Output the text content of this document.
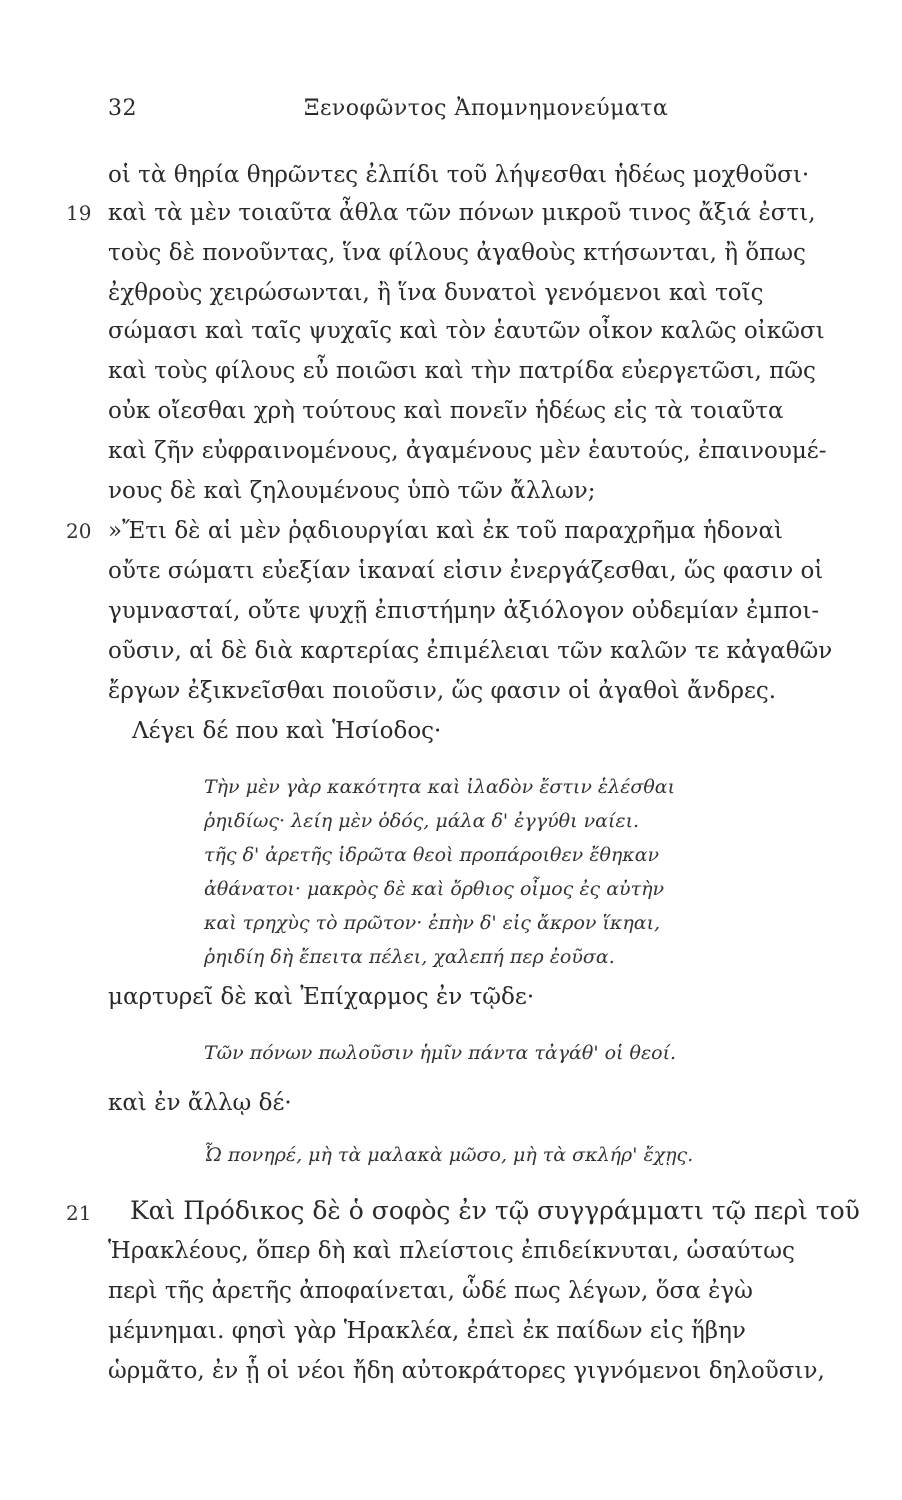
32	Ξενοφῶντος Ἀπομνημονεύματα
οἱ τὰ θηρία θηρῶντες ἐλπίδι τοῦ λήψεσθαι ἡδέως μοχθοῦσι·
19 καὶ τὰ μὲν τοιαῦτα ἆθλα τῶν πόνων μικροῦ τινος ἄξιά ἐστι,
τοὺς δὲ πονοῦντας, ἵνα φίλους ἀγαθοὺς κτήσωνται, ἢ ὅπως
ἐχθροὺς χειρώσωνται, ἢ ἵνα δυνατοὶ γενόμενοι καὶ τοῖς
σώμασι καὶ ταῖς ψυχαῖς καὶ τὸν ἑαυτῶν οἶκον καλῶς οἰκῶσι
καὶ τοὺς φίλους εὖ ποιῶσι καὶ τὴν πατρίδα εὐεργετῶσι, πῶς
οὐκ οἴεσθαι χρὴ τούτους καὶ πονεῖν ἡδέως εἰς τὰ τοιαῦτα
καὶ ζῆν εὐφραινομένους, ἀγαμένους μὲν ἑαυτούς, ἐπαινουμέ-
νους δὲ καὶ ζηλουμένους ὑπὸ τῶν ἄλλων;
20 »Ἔτι δὲ αἱ μὲν ῥᾳδιουργίαι καὶ ἐκ τοῦ παραχρῆμα ἡδοναὶ
οὔτε σώματι εὐεξίαν ἱκαναί εἰσιν ἐνεργάζεσθαι, ὥς φασιν οἱ
γυμνασταί, οὔτε ψυχῇ ἐπιστήμην ἀξιόλογον οὐδεμίαν ἐμποι-
οῦσιν, αἱ δὲ διὰ καρτερίας ἐπιμέλειαι τῶν καλῶν τε κἀγαθῶν
ἔργων ἐξικνεῖσθαι ποιοῦσιν, ὥς φασιν οἱ ἀγαθοὶ ἄνδρες.
Λέγει δέ που καὶ Ἡσίοδος·
Τὴν μὲν γὰρ κακότητα καὶ ἰλαδὸν ἔστιν ἑλέσθαι
ῥηιδίως· λείη μὲν ὁδός, μάλα δ' ἐγγύθι ναίει.
τῆς δ' ἀρετῆς ἱδρῶτα θεοὶ προπάροιθεν ἔθηκαν
ἀθάνατοι· μακρὸς δὲ καὶ ὄρθιος οἶμος ἐς αὐτὴν
καὶ τρηχὺς τὸ πρῶτον· ἐπὴν δ' εἰς ἄκρον ἵκηαι,
ῥηιδίη δὴ ἔπειτα πέλει, χαλεπή περ ἐοῦσα.
μαρτυρεῖ δὲ καὶ Ἐπίχαρμος ἐν τῷδε·
Τῶν πόνων πωλοῦσιν ἡμῖν πάντα τἀγάθ' οἱ θεοί.
καὶ ἐν ἄλλῳ δέ·
Ὦ πονηρέ, μὴ τὰ μαλακὰ μῶσο, μὴ τὰ σκλήρ' ἔχῃς.
21 Καὶ Πρόδικος δὲ ὁ σοφὸς ἐν τῷ συγγράμματι τῷ περὶ τοῦ
Ἡρακλέους, ὅπερ δὴ καὶ πλείστοις ἐπιδείκνυται, ὡσαύτως
περὶ τῆς ἀρετῆς ἀποφαίνεται, ὧδέ πως λέγων, ὅσα ἐγὼ
μέμνημαι. φησὶ γὰρ Ἡρακλέα, ἐπεὶ ἐκ παίδων εἰς ἥβην
ὡρμᾶτο, ἐν ᾗ οἱ νέοι ἤδη αὐτοκράτορες γιγνόμενοι δηλοῦσιν,
